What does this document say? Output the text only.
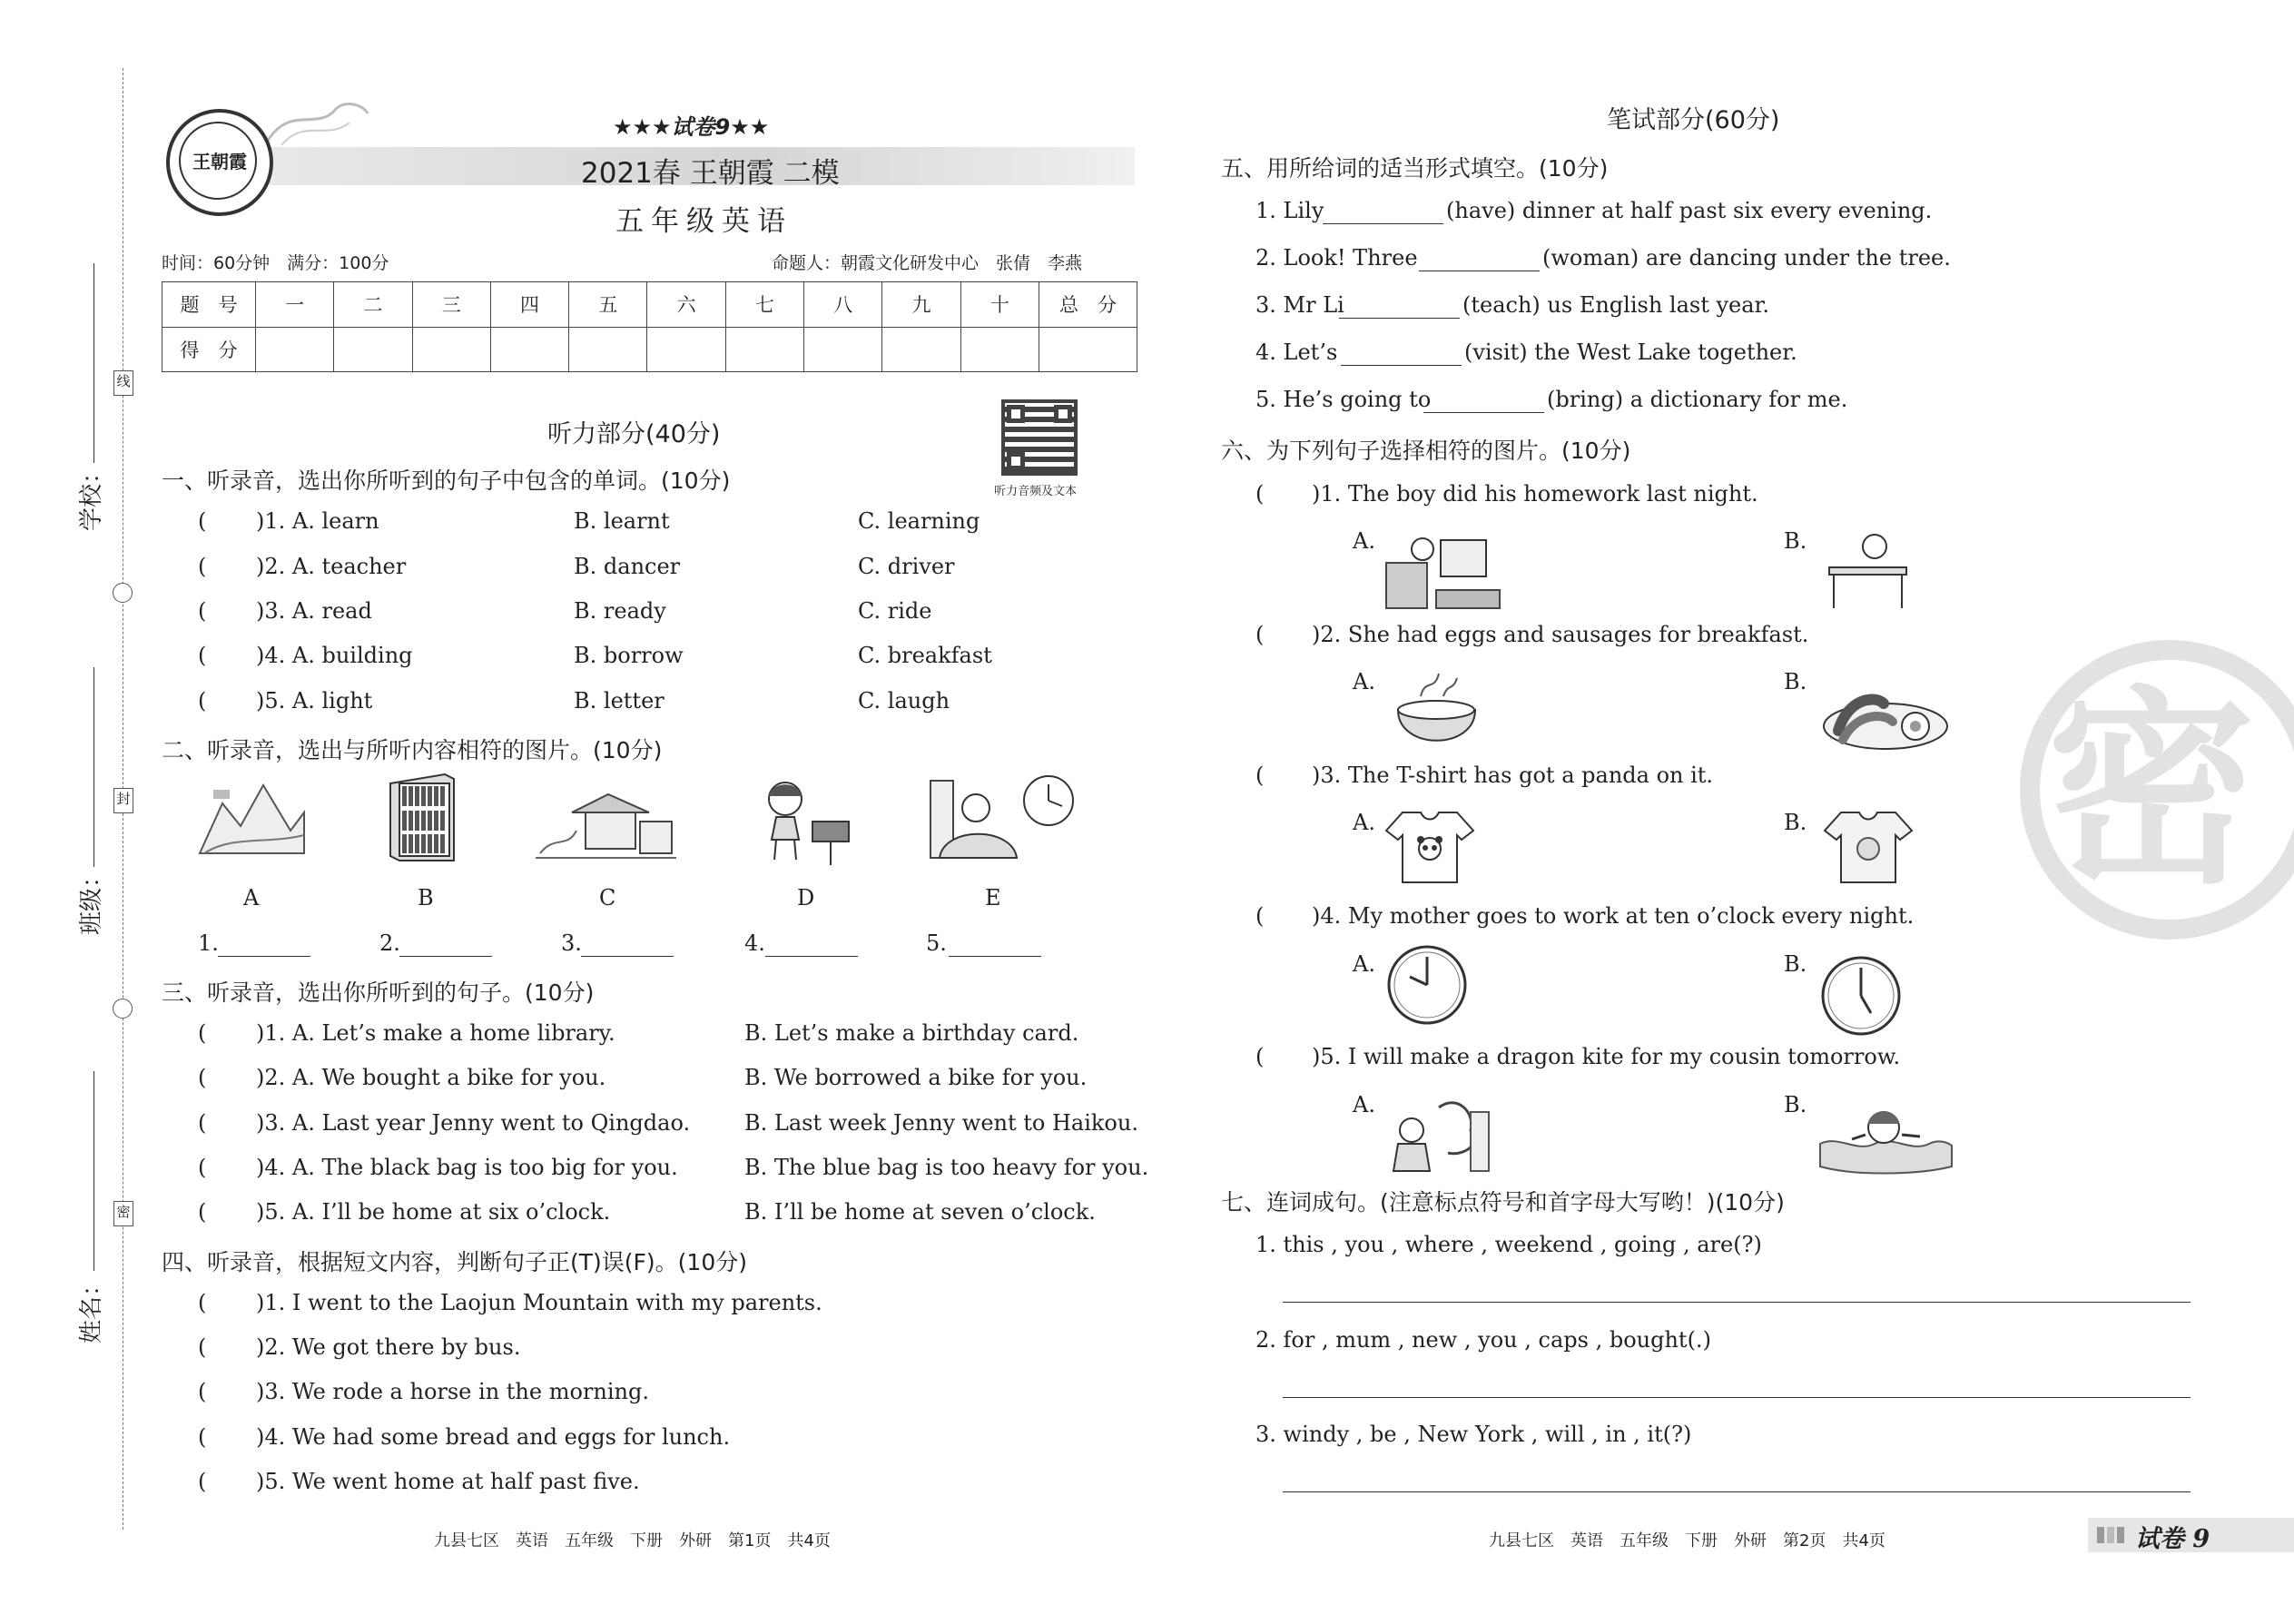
学校：
班级：
姓名：
线
封
密
王朝霞
★★★试卷9★★
2021春 王朝霞 二模
五年级英语
时间：60分钟　满分：100分	命题人：朝霞文化研发中心　张倩　李燕
题　号	一	二	三	四	五	六	七	八	九	十	总　分
得　分											
听力音频及文本
听力部分(40分)
一、听录音，选出你所听到的句子中包含的单词。(10分)
( )1. A. learn	B. learnt	C. learning
( )2. A. teacher	B. dancer	C. driver
( )3. A. read	B. ready	C. ride
( )4. A. building	B. borrow	C. breakfast
( )5. A. light	B. letter	C. laugh
二、听录音，选出与所听内容相符的图片。(10分)
A	B	C	D	E
1.	2.	3.	4.	5.
三、听录音，选出你所听到的句子。(10分)
( )1. A. Let’s make a home library.	B. Let’s make a birthday card.
( )2. A. We bought a bike for you.	B. We borrowed a bike for you.
( )3. A. Last year Jenny went to Qingdao. B. Last week Jenny went to Haikou.
( )4. A. The black bag is too big for you.	B. The blue bag is too heavy for you.
( )5. A. I’ll be home at six o’clock.	B. I’ll be home at seven o’clock.
四、听录音，根据短文内容，判断句子正(T)误(F)。(10分)
( )1. I went to the Laojun Mountain with my parents.
( )2. We got there by bus.
( )3. We rode a horse in the morning.
( )4. We had some bread and eggs for lunch.
( )5. We went home at half past five.
九县七区　英语　五年级　下册　外研　第1页　共4页
笔试部分(60分)
五、用所给词的适当形式填空。(10分)
1. Lily	(have) dinner at half past six every evening.
2. Look! Three	(woman) are dancing under the tree.
3. Mr Li	(teach) us English last year.
4. Let’s	(visit) the West Lake together.
5. He’s going to	(bring) a dictionary for me.
六、为下列句子选择相符的图片。(10分)
( )1. The boy did his homework last night.
A.	B.
( )2. She had eggs and sausages for breakfast.
A.	B.
( )3. The T-shirt has got a panda on it.
A.	B.
( )4. My mother goes to work at ten o’clock every night.
A.	B.
( )5. I will make a dragon kite for my cousin tomorrow.
A.	B.
七、连词成句。(注意标点符号和首字母大写哟！)(10分)
1. this , you , where , weekend , going , are(?)
2. for , mum , new , you , caps , bought(.)
3. windy , be , New York , will , in , it(?)
密
九县七区　英语　五年级　下册　外研　第2页　共4页	试卷 9
